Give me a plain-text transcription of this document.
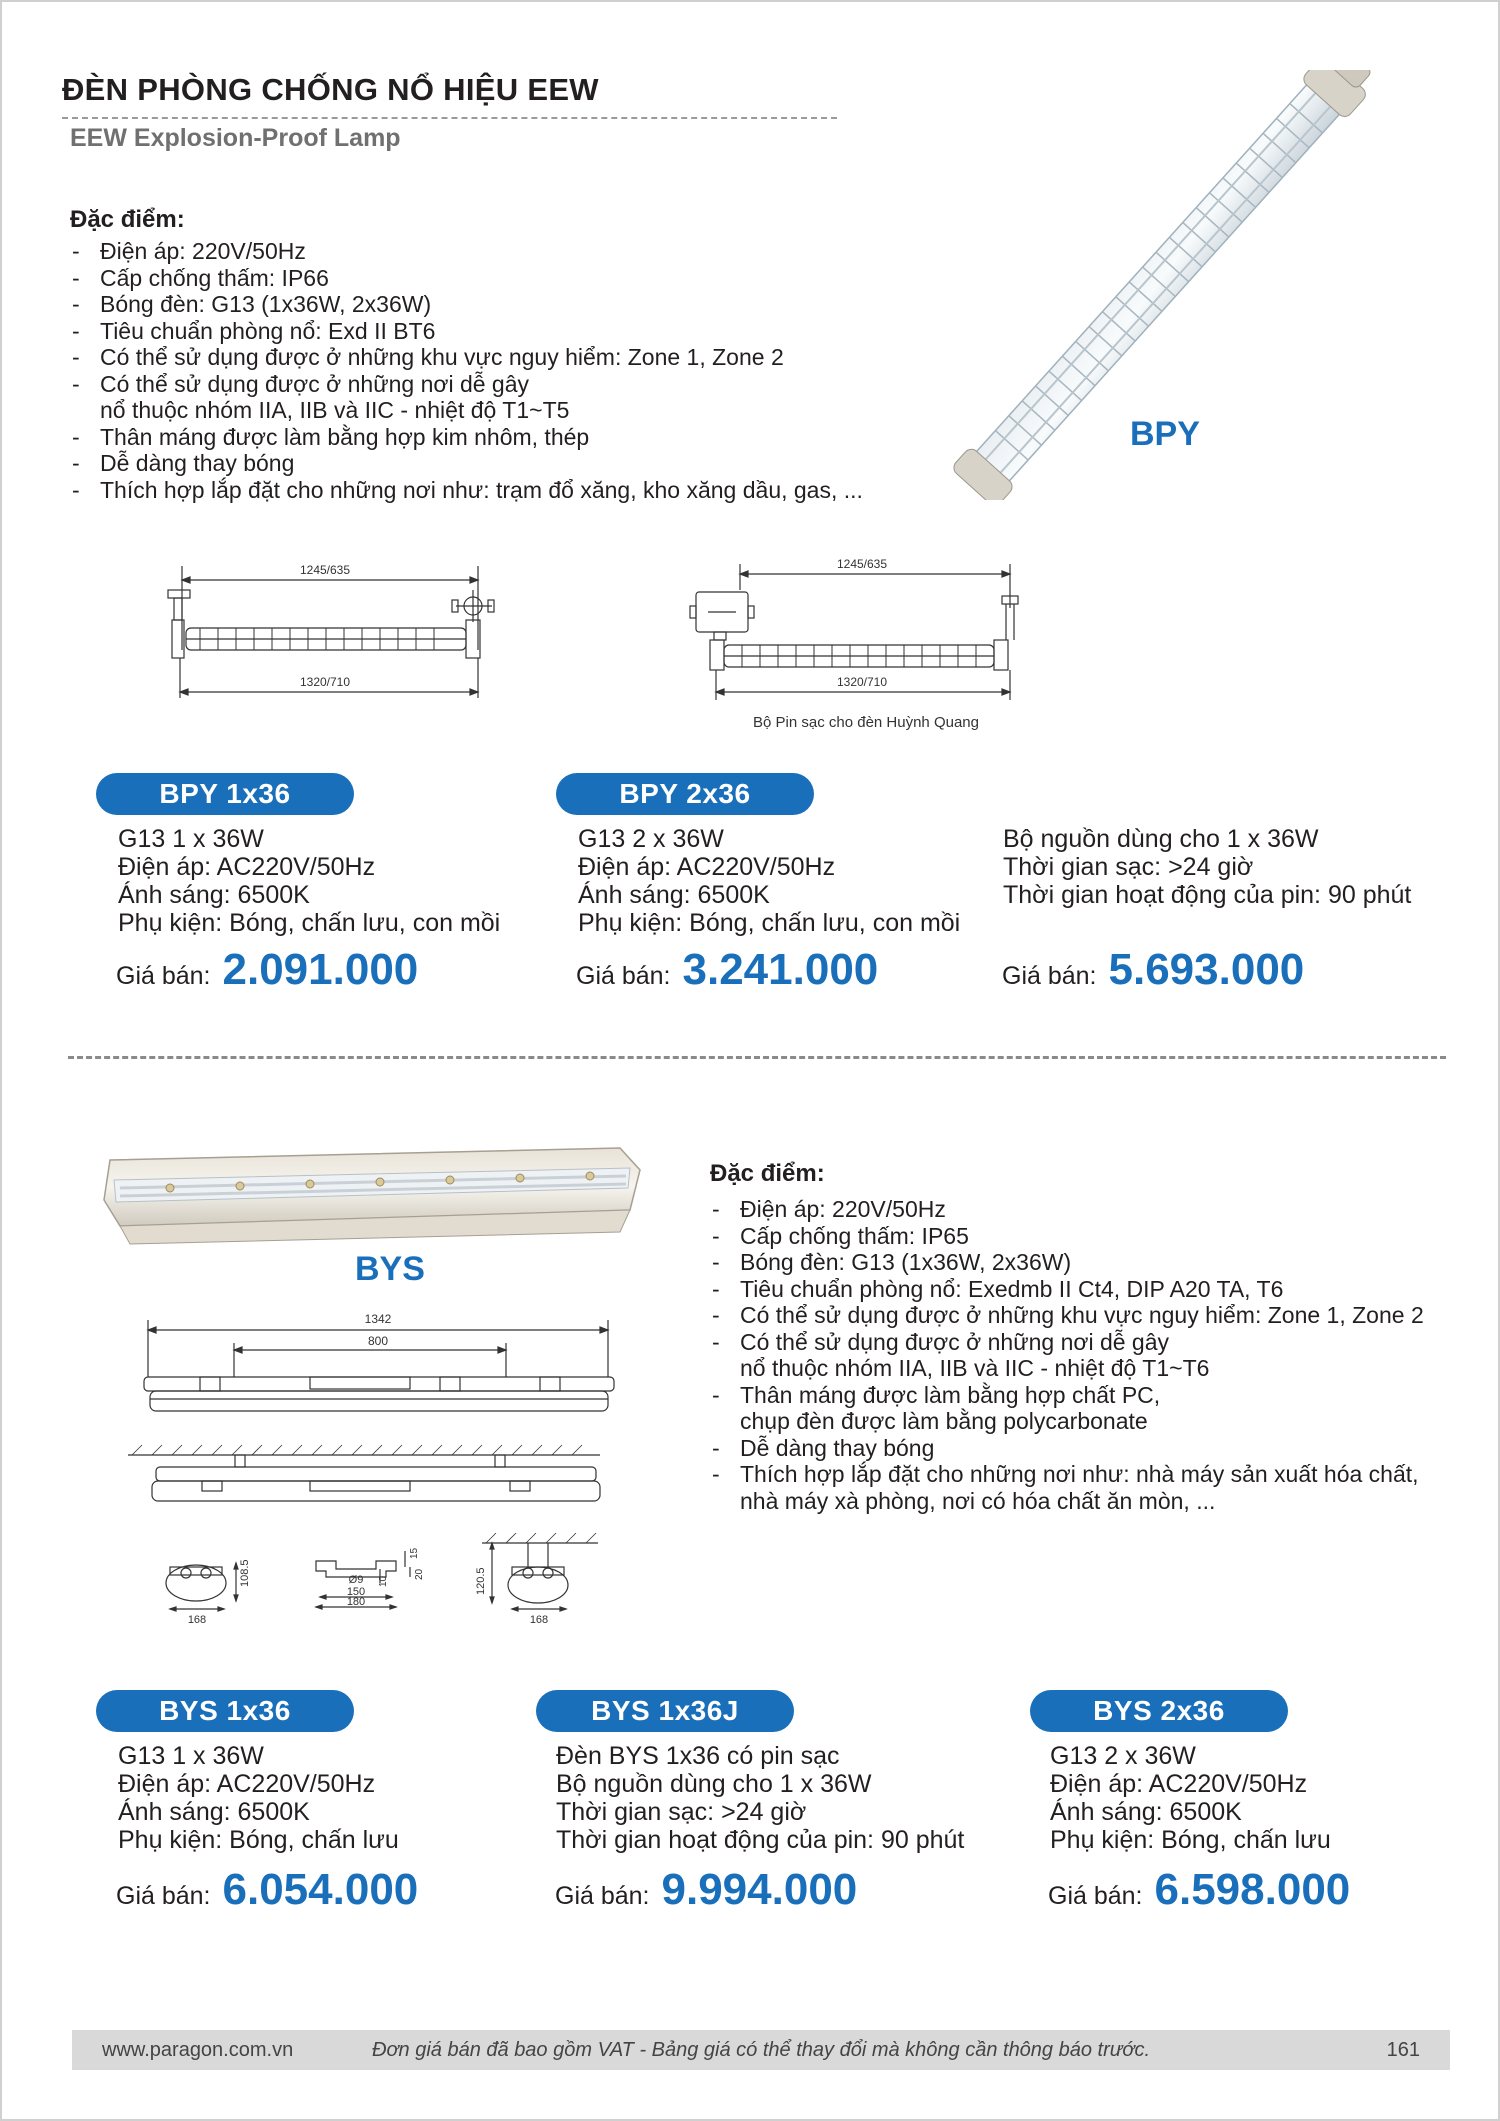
ĐÈN PHÒNG CHỐNG NỔ HIỆU EEW
EEW Explosion-Proof Lamp
Đặc điểm:
- Điện áp: 220V/50Hz
- Cấp chống thấm: IP66
- Bóng đèn: G13 (1x36W, 2x36W)
- Tiêu chuẩn phòng nổ: Exd II BT6
- Có thể sử dụng được ở những khu vực nguy hiểm: Zone 1, Zone 2
- Có thể sử dụng được ở những nơi dễ gây
nổ thuộc nhóm IIA, IIB và IIC - nhiệt độ T1~T5
- Thân máng được làm bằng hợp kim nhôm, thép
- Dễ dàng thay bóng
- Thích hợp lắp đặt cho những nơi như: trạm đổ xăng, kho xăng dầu, gas, ...
BPY
1245/635
1320/710
1245/635
1320/710
Bộ Pin sạc cho đèn Huỳnh Quang
BPY 1x36
G13 1 x 36W
Điện áp: AC220V/50Hz
Ánh sáng: 6500K
Phụ kiện: Bóng, chấn lưu, con mồi
Giá bán: 2.091.000
BPY 2x36
G13 2 x 36W
Điện áp: AC220V/50Hz
Ánh sáng: 6500K
Phụ kiện: Bóng, chấn lưu, con mồi
Giá bán: 3.241.000
Bộ nguồn dùng cho 1 x 36W
Thời gian sạc: >24 giờ
Thời gian hoạt động của pin: 90 phút
Giá bán: 5.693.000
BYS
1342
800
168
108.5	Ø9
15
20
10
150
180
120.5
168
Đặc điểm:
- Điện áp: 220V/50Hz
- Cấp chống thấm: IP65
- Bóng đèn: G13 (1x36W, 2x36W)
- Tiêu chuẩn phòng nổ: Exedmb II Ct4, DIP A20 TA, T6
- Có thể sử dụng được ở những khu vực nguy hiểm: Zone 1, Zone 2
- Có thể sử dụng được ở những nơi dễ gây
nổ thuộc nhóm IIA, IIB và IIC - nhiệt độ T1~T6
- Thân máng được làm bằng hợp chất PC,
chụp đèn được làm bằng polycarbonate
- Dễ dàng thay bóng
- Thích hợp lắp đặt cho những nơi như: nhà máy sản xuất hóa chất,
nhà máy xà phòng, nơi có hóa chất ăn mòn, ...
BYS 1x36
G13 1 x 36W
Điện áp: AC220V/50Hz
Ánh sáng: 6500K
Phụ kiện: Bóng, chấn lưu
Giá bán: 6.054.000
BYS 1x36J
Đèn BYS 1x36 có pin sạc
Bộ nguồn dùng cho 1 x 36W
Thời gian sạc: >24 giờ
Thời gian hoạt động của pin: 90 phút
Giá bán: 9.994.000
BYS 2x36
G13 2 x 36W
Điện áp: AC220V/50Hz
Ánh sáng: 6500K
Phụ kiện: Bóng, chấn lưu
Giá bán: 6.598.000
www.paragon.com.vn	Đơn giá bán đã bao gồm VAT - Bảng giá có thể thay đổi mà không cần thông báo trước.	161
